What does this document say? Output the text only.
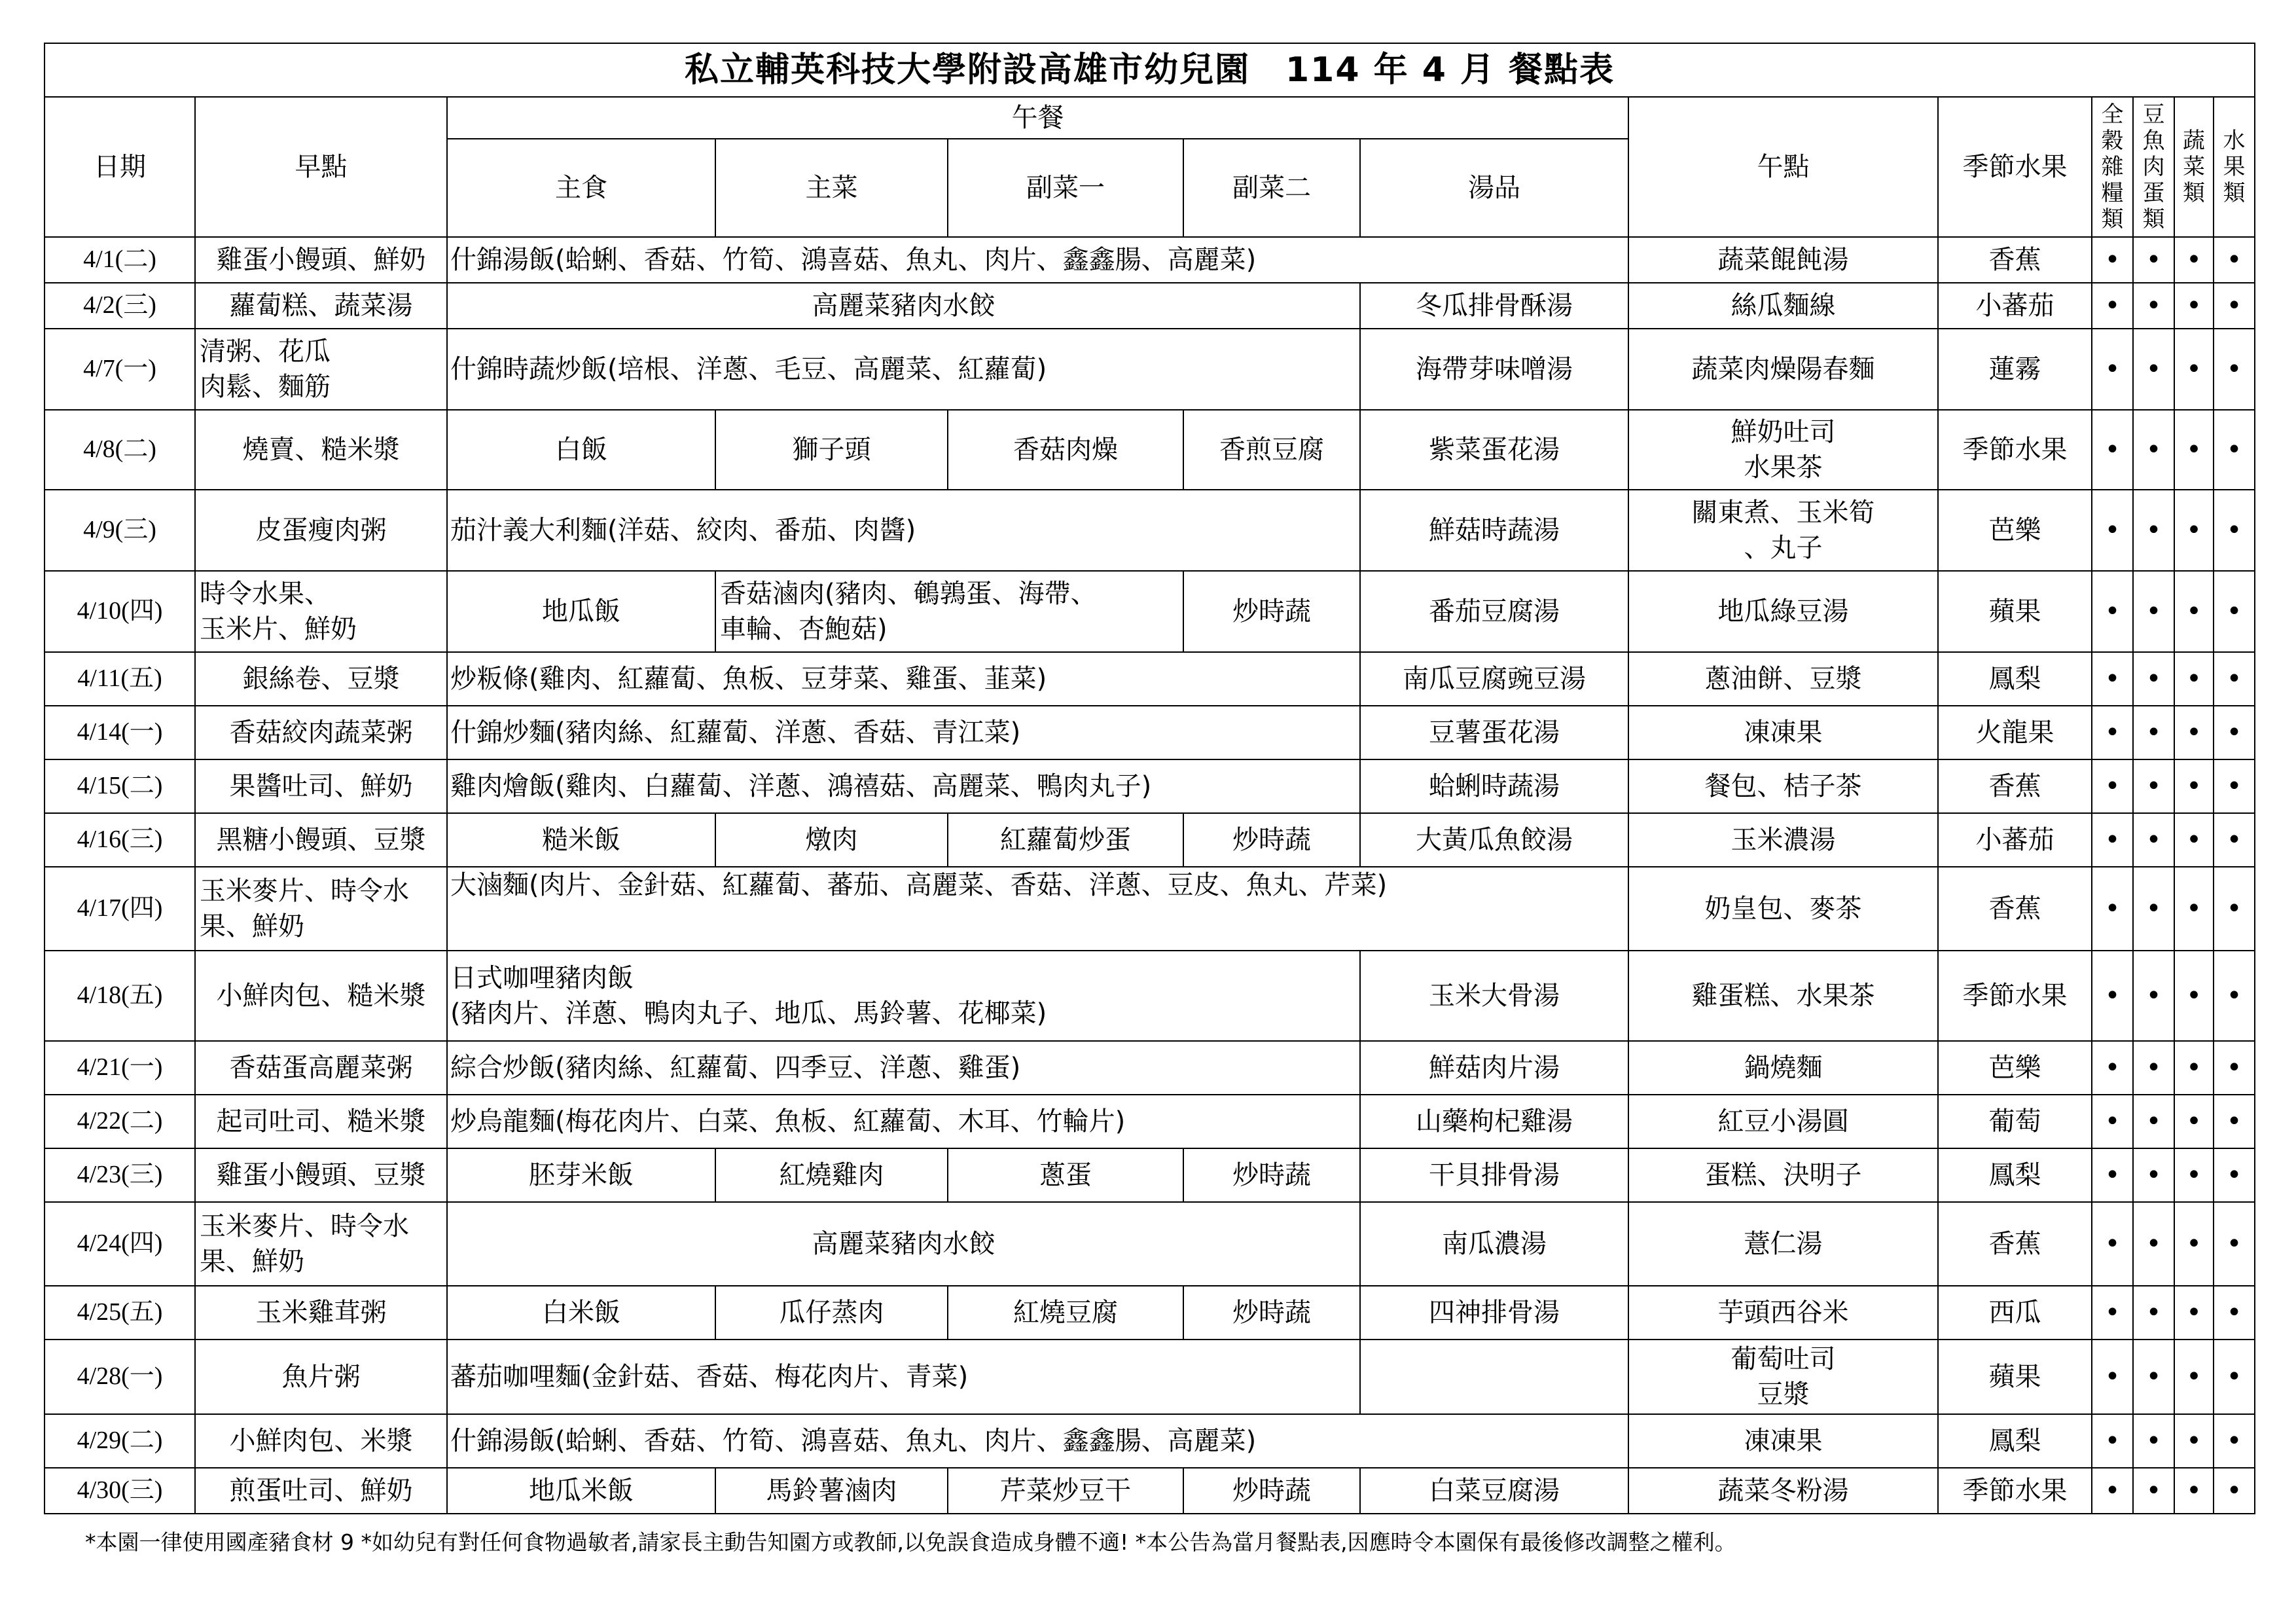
私立輔英科技大學附設高雄市幼兒園　114 年 4 月 餐點表												
日期	早點	午餐					午點	季節水果	全穀雜糧類	豆魚肉蛋類	蔬菜類	水果類
		主食	主菜	副菜一	副菜二	湯品						
4/1(二)	雞蛋小饅頭、鮮奶	什錦湯飯(蛤蜊、香菇、竹筍、鴻喜菇、魚丸、肉片、鑫鑫腸、高麗菜)					蔬菜餛飩湯	香蕉	•	•	•	•
4/2(三)	蘿蔔糕、蔬菜湯	高麗菜豬肉水餃				冬瓜排骨酥湯	絲瓜麵線	小蕃茄	•	•	•	•
4/7(一)	清粥、花瓜
肉鬆、麵筋	什錦時蔬炒飯(培根、洋蔥、毛豆、高麗菜、紅蘿蔔)				海帶芽味噌湯	蔬菜肉燥陽春麵	蓮霧	•	•	•	•
4/8(二)	燒賣、糙米漿	白飯	獅子頭	香菇肉燥	香煎豆腐	紫菜蛋花湯	鮮奶吐司
水果茶	季節水果	•	•	•	•
4/9(三)	皮蛋瘦肉粥	茄汁義大利麵(洋菇、絞肉、番茄、肉醬)				鮮菇時蔬湯	關東煮、玉米筍
、丸子	芭樂	•	•	•	•
4/10(四)	時令水果、
玉米片、鮮奶	地瓜飯	香菇滷肉(豬肉、鵪鶉蛋、海帶、
車輪、杏鮑菇)		炒時蔬	番茄豆腐湯	地瓜綠豆湯	蘋果	•	•	•	•
4/11(五)	銀絲卷、豆漿	炒粄條(雞肉、紅蘿蔔、魚板、豆芽菜、雞蛋、韮菜)				南瓜豆腐豌豆湯	蔥油餅、豆漿	鳳梨	•	•	•	•
4/14(一)	香菇絞肉蔬菜粥	什錦炒麵(豬肉絲、紅蘿蔔、洋蔥、香菇、青江菜)				豆薯蛋花湯	凍凍果	火龍果	•	•	•	•
4/15(二)	果醬吐司、鮮奶	雞肉燴飯(雞肉、白蘿蔔、洋蔥、鴻禧菇、高麗菜、鴨肉丸子)				蛤蜊時蔬湯	餐包、桔子茶	香蕉	•	•	•	•
4/16(三)	黑糖小饅頭、豆漿	糙米飯	燉肉	紅蘿蔔炒蛋	炒時蔬	大黃瓜魚餃湯	玉米濃湯	小蕃茄	•	•	•	•
4/17(四)	玉米麥片、時令水
果、鮮奶	大滷麵(肉片、金針菇、紅蘿蔔、蕃茄、高麗菜、香菇、洋蔥、豆皮、魚丸、芹菜)					奶皇包、麥茶	香蕉	•	•	•	•
4/18(五)	小鮮肉包、糙米漿	日式咖哩豬肉飯
(豬肉片、洋蔥、鴨肉丸子、地瓜、馬鈴薯、花椰菜)				玉米大骨湯	雞蛋糕、水果茶	季節水果	•	•	•	•
4/21(一)	香菇蛋高麗菜粥	綜合炒飯(豬肉絲、紅蘿蔔、四季豆、洋蔥、雞蛋)				鮮菇肉片湯	鍋燒麵	芭樂	•	•	•	•
4/22(二)	起司吐司、糙米漿	炒烏龍麵(梅花肉片、白菜、魚板、紅蘿蔔、木耳、竹輪片)				山藥枸杞雞湯	紅豆小湯圓	葡萄	•	•	•	•
4/23(三)	雞蛋小饅頭、豆漿	胚芽米飯	紅燒雞肉	蔥蛋	炒時蔬	干貝排骨湯	蛋糕、決明子	鳳梨	•	•	•	•
4/24(四)	玉米麥片、時令水
果、鮮奶	高麗菜豬肉水餃				南瓜濃湯	薏仁湯	香蕉	•	•	•	•
4/25(五)	玉米雞茸粥	白米飯	瓜仔蒸肉	紅燒豆腐	炒時蔬	四神排骨湯	芋頭西谷米	西瓜	•	•	•	•
4/28(一)	魚片粥	蕃茄咖哩麵(金針菇、香菇、梅花肉片、青菜)					葡萄吐司
豆漿	蘋果	•	•	•	•
4/29(二)	小鮮肉包、米漿	什錦湯飯(蛤蜊、香菇、竹筍、鴻喜菇、魚丸、肉片、鑫鑫腸、高麗菜)					凍凍果	鳳梨	•	•	•	•
4/30(三)	煎蛋吐司、鮮奶	地瓜米飯	馬鈴薯滷肉	芹菜炒豆干	炒時蔬	白菜豆腐湯	蔬菜冬粉湯	季節水果	•	•	•	•
*本園一律使用國產豬食材 9 *如幼兒有對任何食物過敏者,請家長主動告知園方或教師,以免誤食造成身體不適! *本公告為當月餐點表,因應時令本園保有最後修改調整之權利。
